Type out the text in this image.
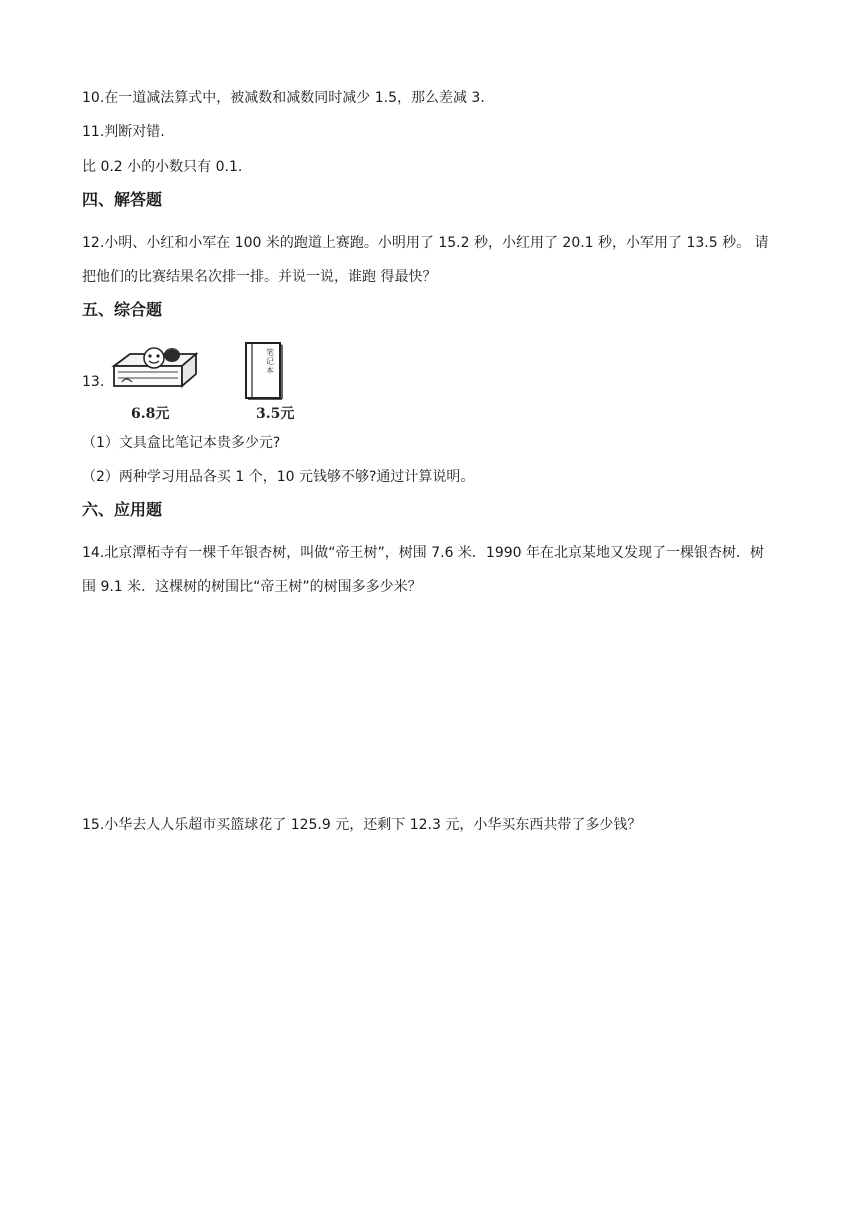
10.在一道减法算式中，被减数和减数同时减少 1.5，那么差减 3.
11.判断对错.
比 0.2 小的小数只有 0.1.
四、解答题
12.小明、小红和小军在 100 米的跑道上赛跑。小明用了 15.2 秒，小红用了 20.1 秒，小军用了 13.5 秒。 请
把他们的比赛结果名次排一排。并说一说，谁跑 得最快？
五、综合题
13.
6.8元
笔记本
3.5元
（1）文具盒比笔记本贵多少元?
（2）两种学习用品各买 1 个，10 元钱够不够?通过计算说明。
六、应用题
14.北京潭柘寺有一棵千年银杏树，叫做“帝王树”，树围 7.6 米．1990 年在北京某地又发现了一棵银杏树．树
围 9.1 米．这棵树的树围比“帝王树”的树围多多少米？
15.小华去人人乐超市买篮球花了 125.9 元，还剩下 12.3 元，小华买东西共带了多少钱？
